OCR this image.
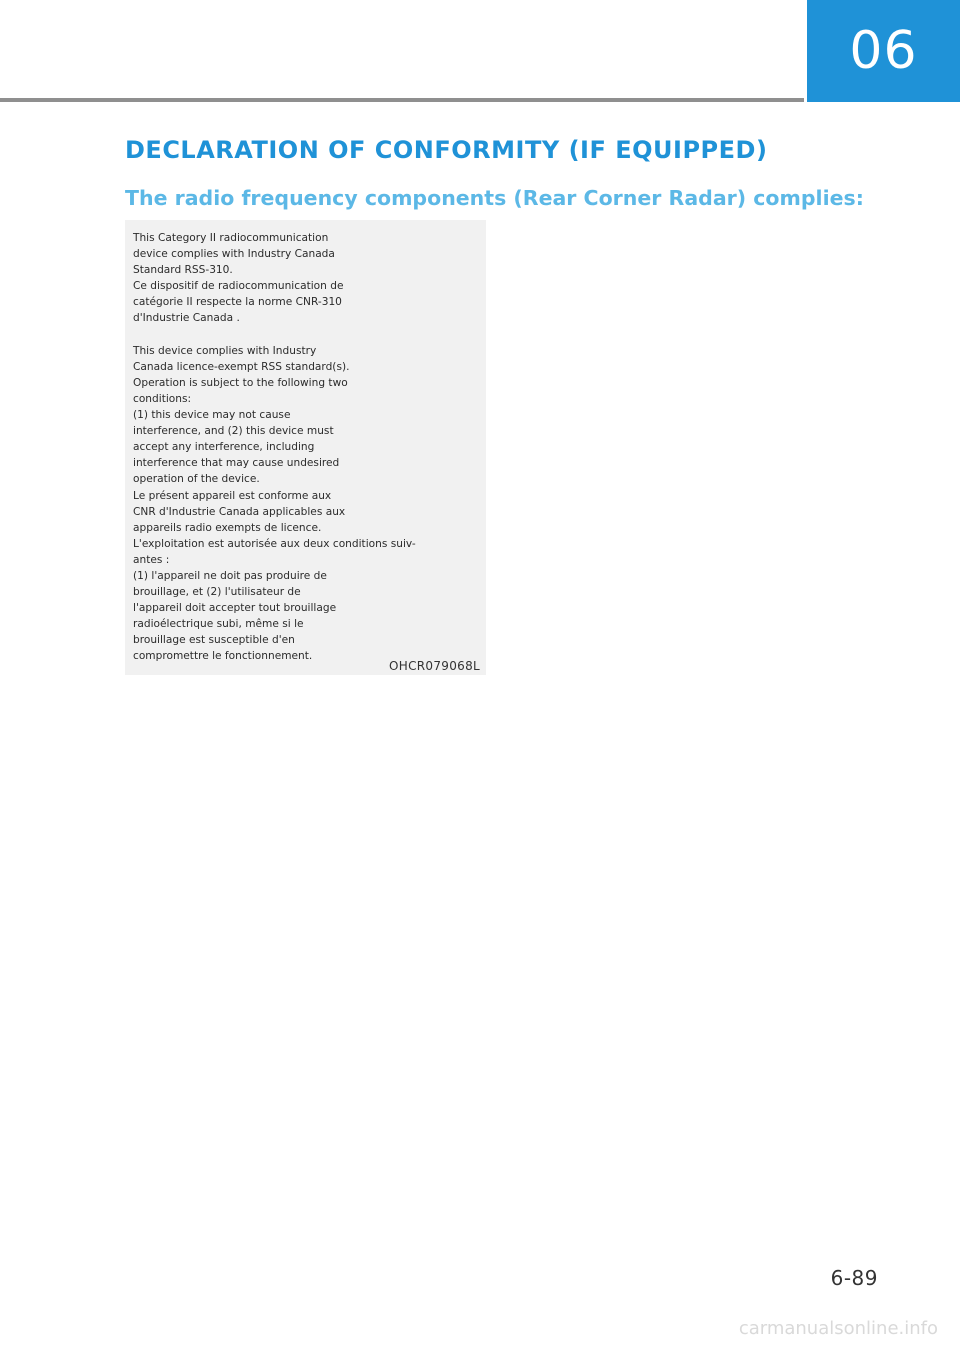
06
DECLARATION OF CONFORMITY (IF EQUIPPED)
The radio frequency components (Rear Corner Radar) complies:
This Category II radiocommunication
device complies with Industry Canada
Standard RSS-310.
Ce dispositif de radiocommunication de
catégorie II respecte la norme CNR-310
d'Industrie Canada .
This device complies with Industry
Canada licence-exempt RSS standard(s).
Operation is subject to the following two
conditions:
(1) this device may not cause
interference, and (2) this device must
accept any interference, including
interference that may cause undesired
operation of the device.
Le présent appareil est conforme aux
CNR d'Industrie Canada applicables aux
appareils radio exempts de licence.
L'exploitation est autorisée aux deux conditions suiv-
antes :
(1) l'appareil ne doit pas produire de
brouillage, et (2) l'utilisateur de
l'appareil doit accepter tout brouillage
radioélectrique subi, même si le
brouillage est susceptible d'en
compromettre le fonctionnement.
OHCR079068L
6-89
carmanualsonline.info
